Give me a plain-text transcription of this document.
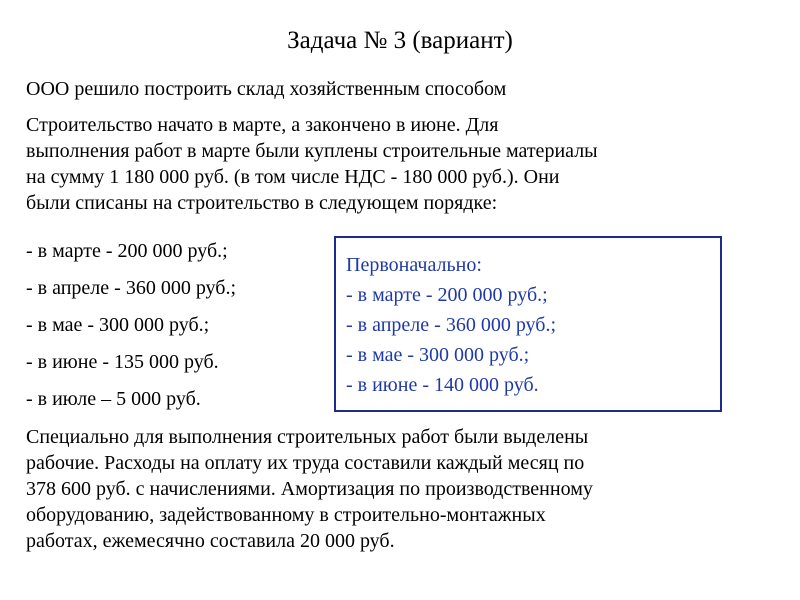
Задача № 3 (вариант)
ООО решило построить склад хозяйственным способом
Строительство начато в марте, а закончено в июне. Для
выполнения работ в марте были куплены строительные материалы
на сумму 1 180 000 руб. (в том числе НДС - 180 000 руб.). Они
были списаны на строительство в следующем порядке:
- в марте - 200 000 руб.;
- в апреле - 360 000 руб.;
- в мае - 300 000 руб.;
- в июне - 135 000 руб.
- в июле – 5 000 руб.
Первоначально:
- в марте - 200 000 руб.;
- в апреле - 360 000 руб.;
- в мае - 300 000 руб.;
- в июне - 140 000 руб.
Специально для выполнения строительных работ были выделены
рабочие. Расходы на оплату их труда составили каждый месяц по
378 600 руб. с начислениями. Амортизация по производственному
оборудованию, задействованному в строительно-монтажных
работах, ежемесячно составила 20 000 руб.
